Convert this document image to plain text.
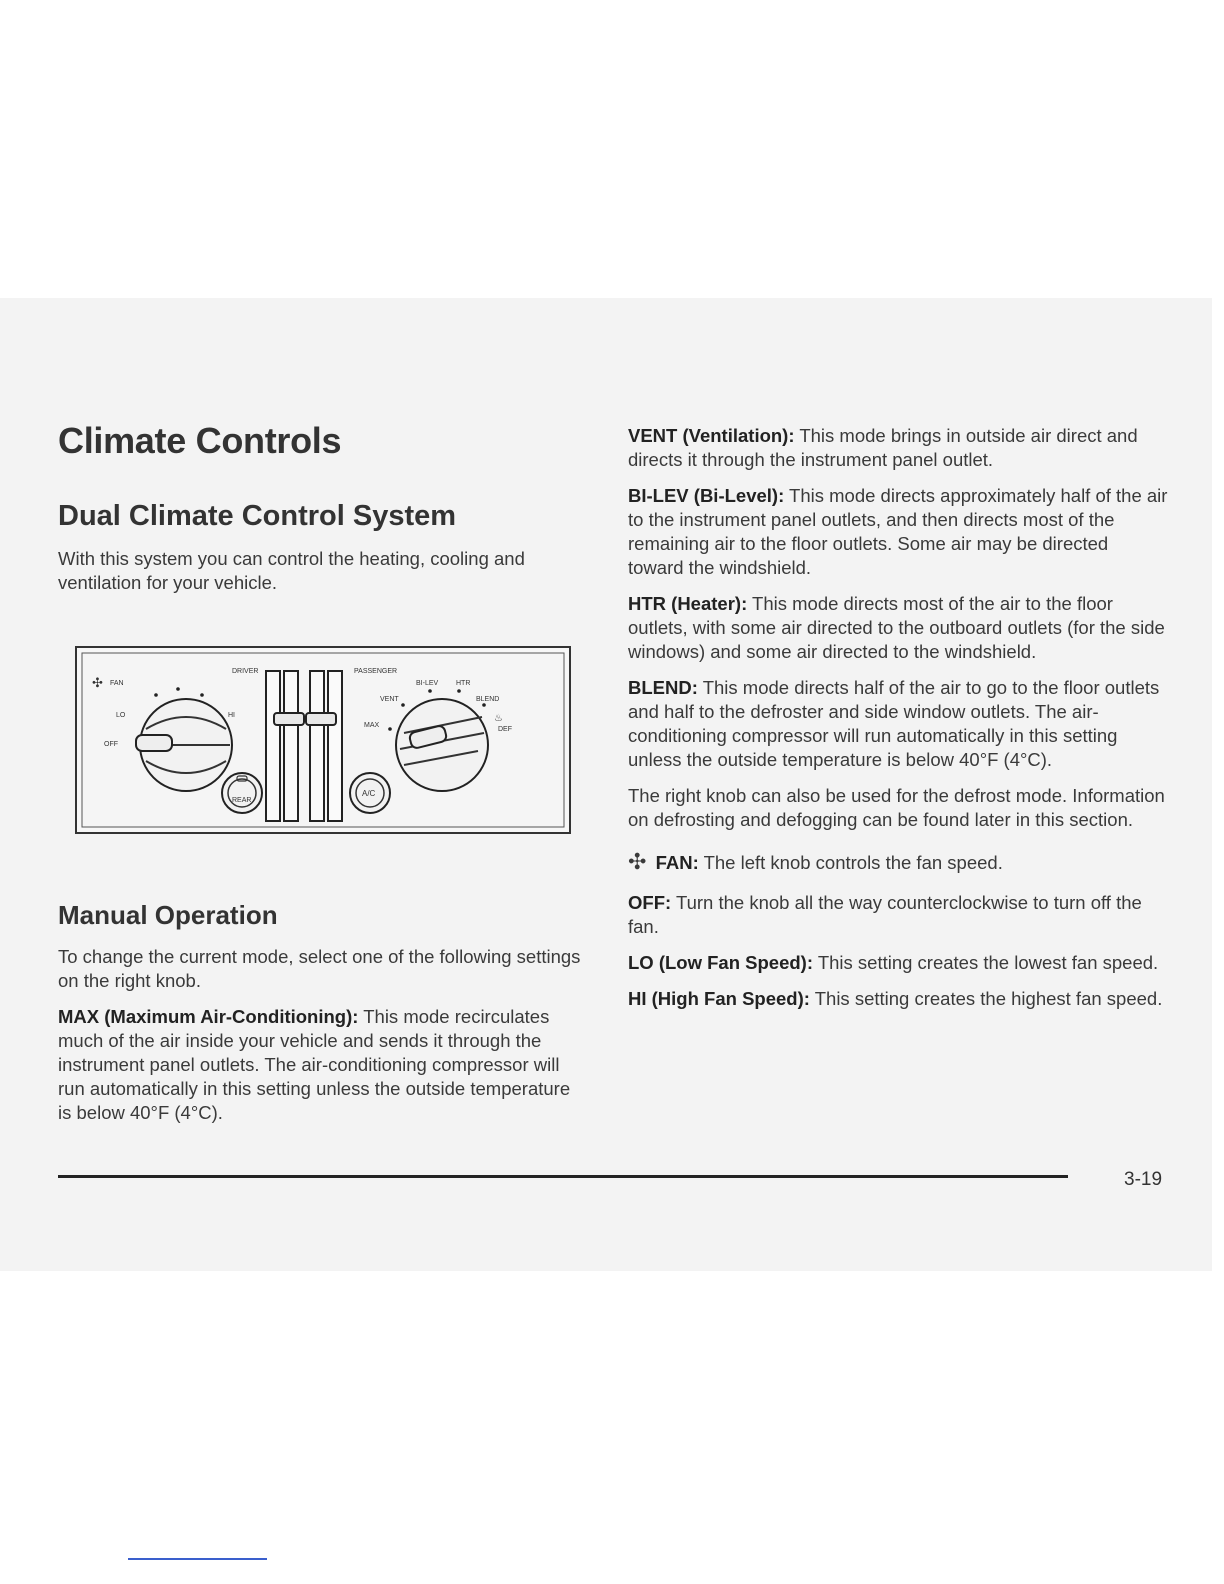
Climate Controls
Dual Climate Control System

With this system you can control the heating, cooling and ventilation for your vehicle.

✣ FAN
LO	HI
OFF
REAR
DRIVER	PASSENGER
A/C
VENT
BI-LEV	HTR
BLEND
MAX
DEF
♨
Manual Operation

To change the current mode, select one of the following settings on the right knob.

MAX (Maximum Air-Conditioning): This mode recirculates much of the air inside your vehicle and sends it through the instrument panel outlets. The air-conditioning compressor will run automatically in this setting unless the outside temperature is below 40°F (4°C).

VENT (Ventilation): This mode brings in outside air direct and directs it through the instrument panel outlet.

BI-LEV (Bi-Level): This mode directs approximately half of the air to the instrument panel outlets, and then directs most of the remaining air to the floor outlets. Some air may be directed toward the windshield.

HTR (Heater): This mode directs most of the air to the floor outlets, with some air directed to the outboard outlets (for the side windows) and some air directed to the windshield.

BLEND: This mode directs half of the air to go to the floor outlets and half to the defroster and side window outlets. The air-conditioning compressor will run automatically in this setting unless the outside temperature is below 40°F (4°C).

The right knob can also be used for the defrost mode. Information on defrosting and defogging can be found later in this section.

✣ FAN: The left knob controls the fan speed.

OFF: Turn the knob all the way counterclockwise to turn off the fan.

LO (Low Fan Speed): This setting creates the lowest fan speed.

HI (High Fan Speed): This setting creates the highest fan speed.

3-19
